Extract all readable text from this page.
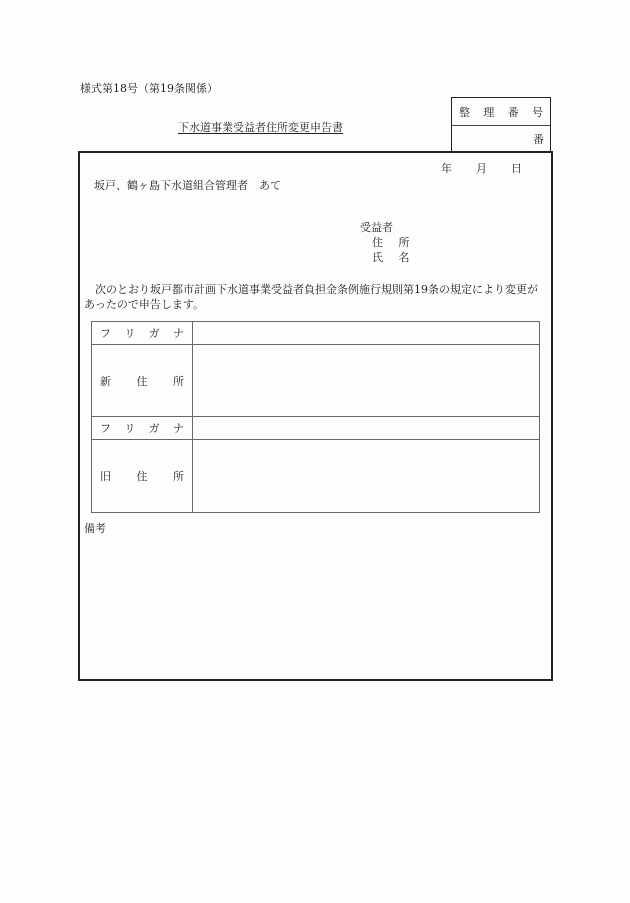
様式第18号（第19条関係）
下水道事業受益者住所変更申告書
整 理 番 号
番
年 月 日
坂戸、鶴ヶ島下水道組合管理者　あて
受益者
住 所
氏 名
次のとおり坂戸都市計画下水道事業受益者負担金条例施行規則第19条の規定により変更があったので申告します。
フ リ ガ ナ	

新 住 所	

フ リ ガ ナ	

旧 住 所	

備考
